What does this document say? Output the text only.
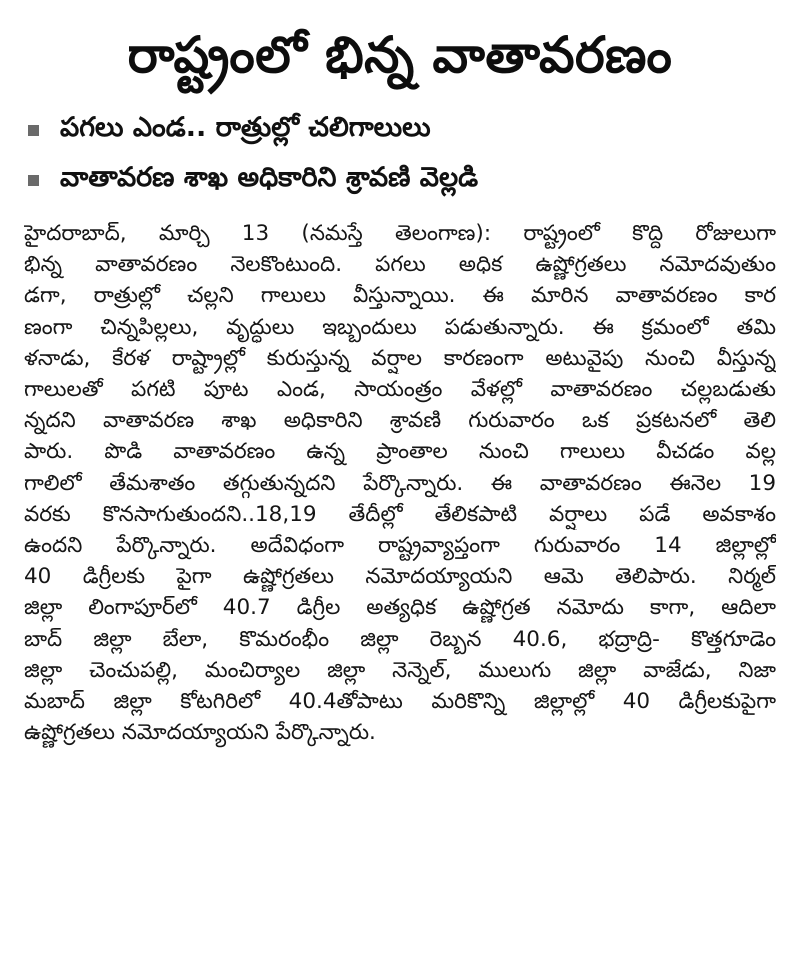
రాష్ట్రంలో భిన్న వాతావరణం
పగలు ఎండ.. రాత్రుల్లో చలిగాలులు
వాతావరణ శాఖ అధికారిని శ్రావణి వెల్లడి
హైదరాబాద్, మార్చి 13 (నమస్తే తెలంగాణ): రాష్ట్రంలో కొద్ది రోజులుగా
భిన్న వాతావరణం నెలకొంటుంది. పగలు అధిక ఉష్ణోగ్రతలు నమోదవుతుం
డగా, రాత్రుల్లో చల్లని గాలులు వీస్తున్నాయి. ఈ మారిన వాతావరణం కార
ణంగా చిన్నపిల్లలు, వృద్ధులు ఇబ్బందులు పడుతున్నారు. ఈ క్రమంలో తమి
ళనాడు, కేరళ రాష్ట్రాల్లో కురుస్తున్న వర్షాల కారణంగా అటువైపు నుంచి వీస్తున్న
గాలులతో పగటి పూట ఎండ, సాయంత్రం వేళల్లో వాతావరణం చల్లబడుతు
న్నదని వాతావరణ శాఖ అధికారిని శ్రావణి గురువారం ఒక ప్రకటనలో తెలి
పారు. పొడి వాతావరణం ఉన్న ప్రాంతాల నుంచి గాలులు వీచడం వల్ల
గాలిలో తేమశాతం తగ్గుతున్నదని పేర్కొన్నారు. ఈ వాతావరణం ఈనెల 19
వరకు కొనసాగుతుందని..18,19 తేదీల్లో తేలికపాటి వర్షాలు పడే అవకాశం
ఉందని పేర్కొన్నారు. అదేవిధంగా రాష్ట్రవ్యాప్తంగా గురువారం 14 జిల్లాల్లో
40 డిగ్రీలకు పైగా ఉష్ణోగ్రతలు నమోదయ్యాయని ఆమె తెలిపారు. నిర్మల్
జిల్లా లింగాపూర్‌లో 40.7 డిగ్రీల అత్యధిక ఉష్ణోగ్రత నమోదు కాగా, ఆదిలా
బాద్ జిల్లా బేలా, కొమరంభీం జిల్లా రెబ్బన 40.6, భద్రాద్రి- కొత్తగూడెం
జిల్లా చెంచుపల్లి, మంచిర్యాల జిల్లా నెన్నెల్, ములుగు జిల్లా వాజేడు, నిజా
మబాద్ జిల్లా కోటగిరిలో 40.4తోపాటు మరికొన్ని జిల్లాల్లో 40 డిగ్రీలకుపైగా
ఉష్ణోగ్రతలు నమోదయ్యాయని పేర్కొన్నారు.
